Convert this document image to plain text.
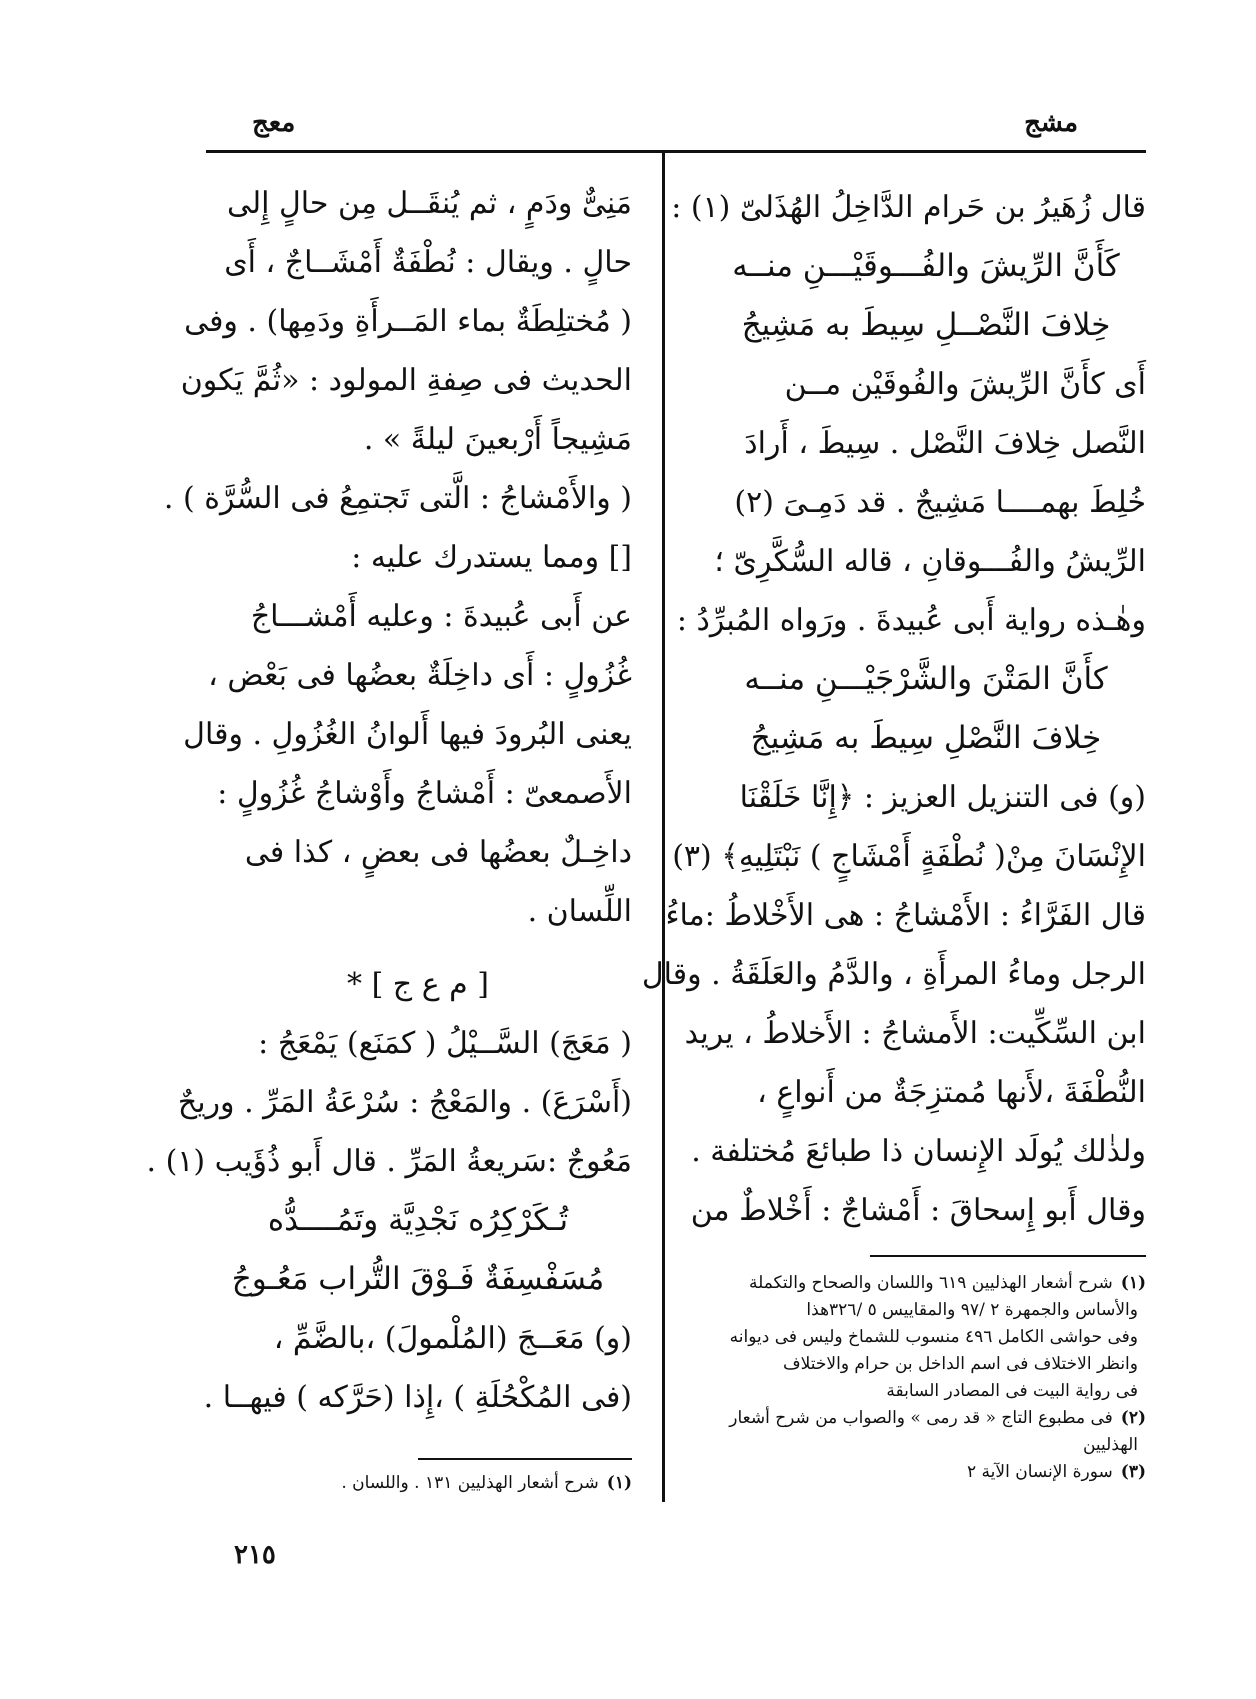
مشج
معج
قال زُهَيرُ بن حَرام الدَّاخِلُ الهُذَلىّ (١) :
كَأَنَّ الرِّيشَ والفُـــوقَيْـــنِ منــه
خِلافَ النَّصْــلِ سِيطَ به مَشِيجُ
أَى كأَنَّ الرِّيشَ والفُوقَيْن مــن
النَّصل خِلافَ النَّصْل . سِيطَ ، أَرادَ
خُلِطَ بهمــــا مَشِيجٌ . قد دَمِـىَ (٢)
الرِّيشُ والفُـــوقانِ ، قاله السُّكَّرِىّ ؛
وهٰـذه رواية أَبى عُبيدةَ . ورَواه المُبرِّدُ :
كأَنَّ المَتْنَ والشَّرْجَيْـــنِ منــه
خِلافَ النَّصْلِ سِيطَ به مَشِيجُ
(و) فى التنزيل العزيز : ﴿إِنَّا خَلَقْنَا
الإِنْسَانَ مِنْ( نُطْفَةٍ أَمْشَاجٍ ) نَبْتَلِيهِ﴾ (٣)
قال الفَرَّاءُ : الأَمْشاجُ : هى الأَخْلاطُ :ماءُ
الرجل وماءُ المرأَةِ ، والدَّمُ والعَلَقَةُ . وقال
ابن السِّكِّيت: الأَمشاجُ : الأَخلاطُ ، يريد
النُّطْفَةَ ،لأَنها مُمتزِجَةٌ من أَنواعٍ ،
ولذٰلك يُولَد الإِنسان ذا طبائعَ مُختلفة .
وقال أَبو إِسحاقَ : أَمْشاجٌ : أَخْلاطٌ من
مَنِىٌّ ودَمٍ ، ثم يُنقَــل مِن حالٍ إِلى
حالٍ . ويقال : نُطْفَةٌ أَمْشَــاجٌ ، أَى
( مُختلِطَةٌ بماء المَــرأَةِ ودَمِها) . وفى
الحديث فى صِفةِ المولود : «ثُمَّ يَكون
مَشِيجاً أَرْبعينَ ليلةً » .
( والأَمْشاجُ : الَّتى تَجتمِعُ فى السُّرَّة ) .
[] ومما يستدرك عليه :
عن أَبى عُبيدةَ : وعليه أَمْشـــاجُ
غُزُولٍ : أَى داخِلَةٌ بعضُها فى بَعْض ،
يعنى البُرودَ فيها أَلوانُ الغُزُولِ . وقال
الأَصمعىّ : أَمْشاجُ وأَوْشاجُ غُزُولٍ :
داخِـلٌ بعضُها فى بعضٍ ، كذا فى
اللِّسان .
[ م ع ج ] *
( مَعَجَ) السَّــيْلُ ( كمَنَع) يَمْعَجُ :
(أَسْرَعَ) . والمَعْجُ : سُرْعَةُ المَرِّ . وريحٌ
مَعُوجٌ :سَريعةُ المَرِّ . قال أَبو ذُؤَيب (١) .
تُـكَرْكِرُه نَجْدِيَّة وتَمُــــدُّه
مُسَفْسِفَةٌ فَـوْقَ التُّراب مَعُـوجُ
(و) مَعَــجَ (المُلْمولَ) ،بالضَّمِّ ،
(فى المُكْحُلَةِ ) ،إِذا (حَرَّكه ) فيهــا .
(١)شرح أشعار الهذليين ٦١٩ واللسان والصحاح والتكملة
والأساس والجمهرة ٢ /٩٧ والمقاييس ٥ /٣٢٦هذا
وفى حواشى الكامل ٤٩٦ منسوب للشماخ وليس فى ديوانه
وانظر الاختلاف فى اسم الداخل بن حرام والاختلاف
فى رواية البيت فى المصادر السابقة
(٢)فى مطبوع التاج « قد رمى » والصواب من شرح أشعار
الهذليين
(٣)سورة الإنسان الآية ٢
(١)شرح أشعار الهذليين ١٣١ . واللسان .
٢١٥
